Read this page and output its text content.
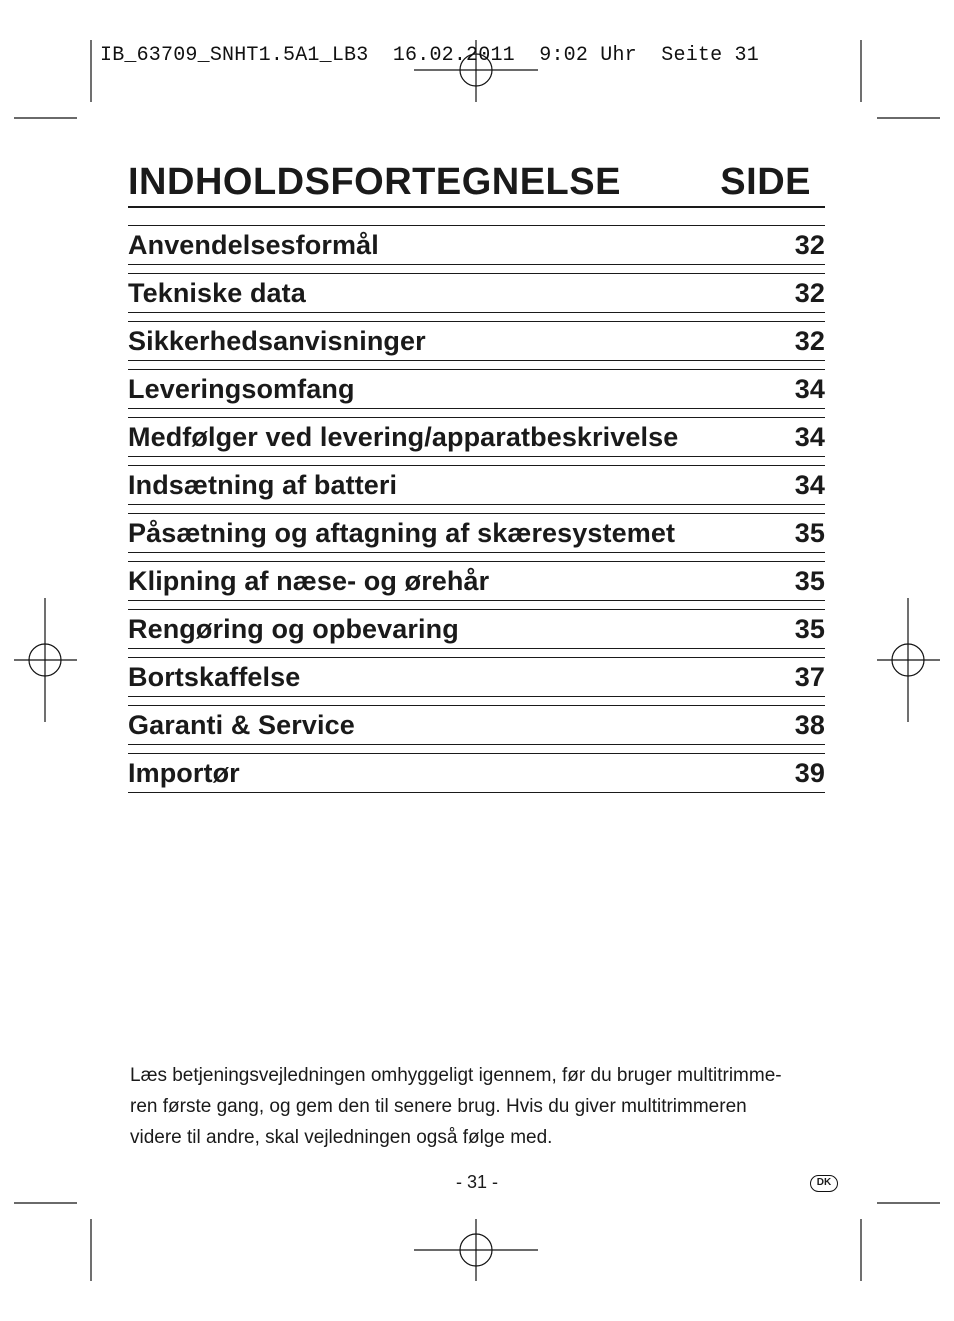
IB_63709_SNHT1.5A1_LB3  16.02.2011  9:02 Uhr  Seite 31
INDHOLDSFORTEGNELSE	SIDE
Anvendelsesformål	32
Tekniske data	32
Sikkerhedsanvisninger	32
Leveringsomfang	34
Medfølger ved levering/apparatbeskrivelse	34
Indsætning af batteri	34
Påsætning og aftagning af skæresystemet	35
Klipning af næse- og ørehår	35
Rengøring og opbevaring	35
Bortskaffelse	37
Garanti & Service	38
Importør	39
Læs betjeningsvejledningen omhyggeligt igennem, før du bruger multitrimme-
ren første gang, og gem den til senere brug. Hvis du giver multitrimmeren
videre til andre, skal vejledningen også følge med.
- 31 -	DK
